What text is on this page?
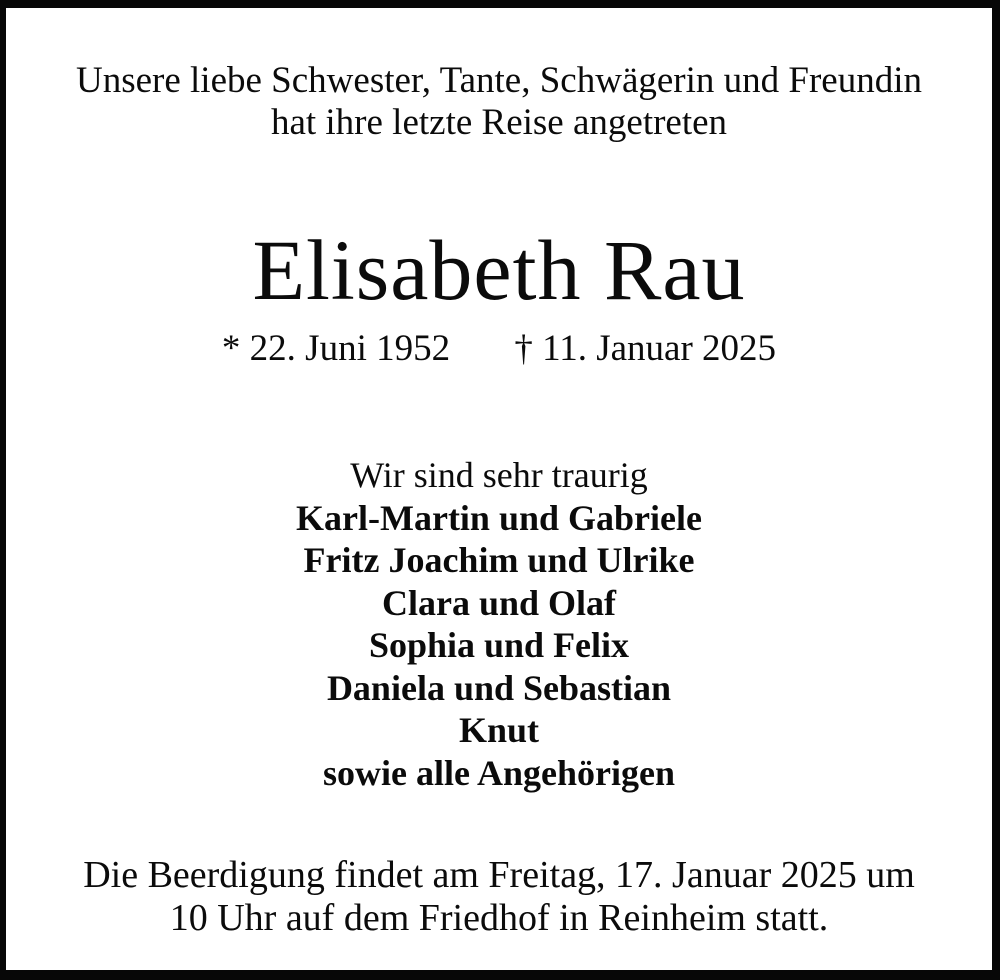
Unsere liebe Schwester, Tante, Schwägerin und Freundin
hat ihre letzte Reise angetreten
Elisabeth Rau
* 22. Juni 1952 † 11. Januar 2025
Wir sind sehr traurig
Karl-Martin und Gabriele
Fritz Joachim und Ulrike
Clara und Olaf
Sophia und Felix
Daniela und Sebastian
Knut
sowie alle Angehörigen
Die Beerdigung findet am Freitag, 17. Januar 2025 um
10 Uhr auf dem Friedhof in Reinheim statt.
